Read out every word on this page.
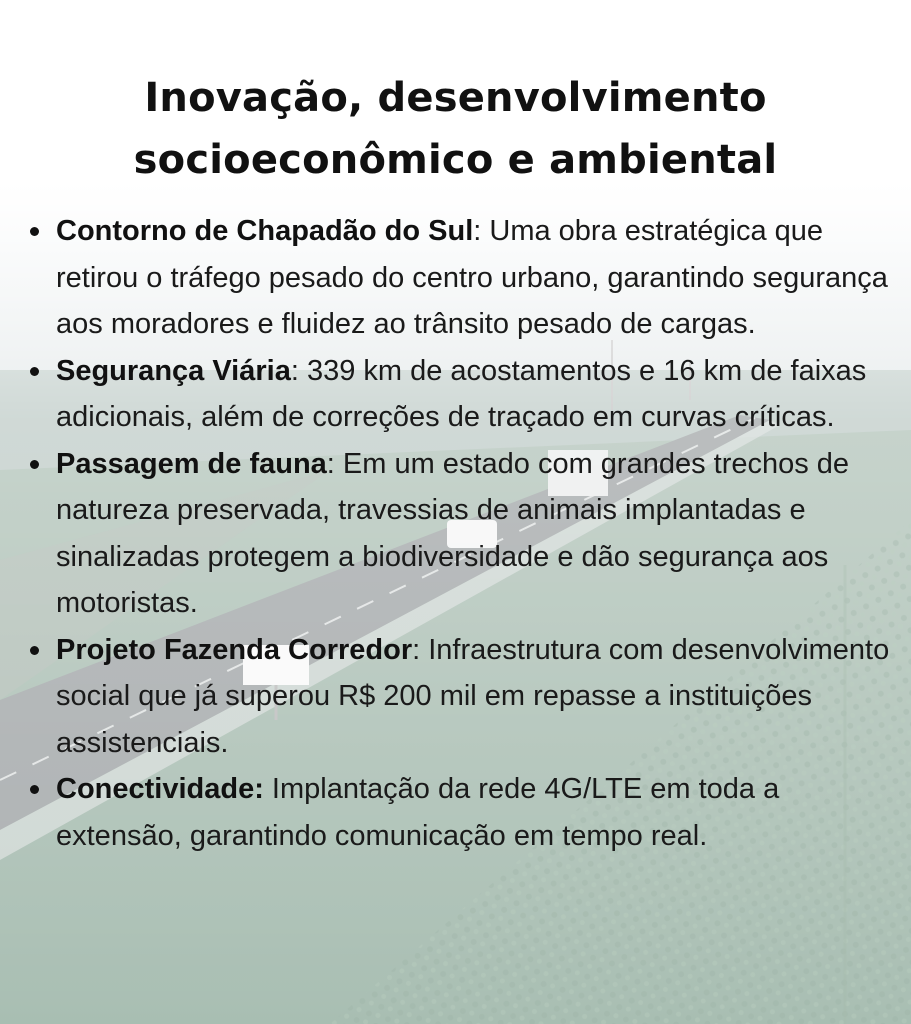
Inovação, desenvolvimento
socioeconômico e ambiental
Contorno de Chapadão do Sul: Uma obra estratégica que retirou o tráfego pesado do centro urbano, garantindo segurança aos moradores e fluidez ao trânsito pesado de cargas.
Segurança Viária: 339 km de acostamentos e 16 km de faixas adicionais, além de correções de traçado em curvas críticas.
Passagem de fauna: Em um estado com grandes trechos de natureza preservada, travessias de animais implantadas e sinalizadas protegem a biodiversidade e dão segurança aos motoristas.
Projeto Fazenda Corredor: Infraestrutura com desenvolvimento social que já superou R$ 200 mil em repasse a instituições assistenciais.
Conectividade: Implantação da rede 4G/LTE em toda a extensão, garantindo comunicação em tempo real.
